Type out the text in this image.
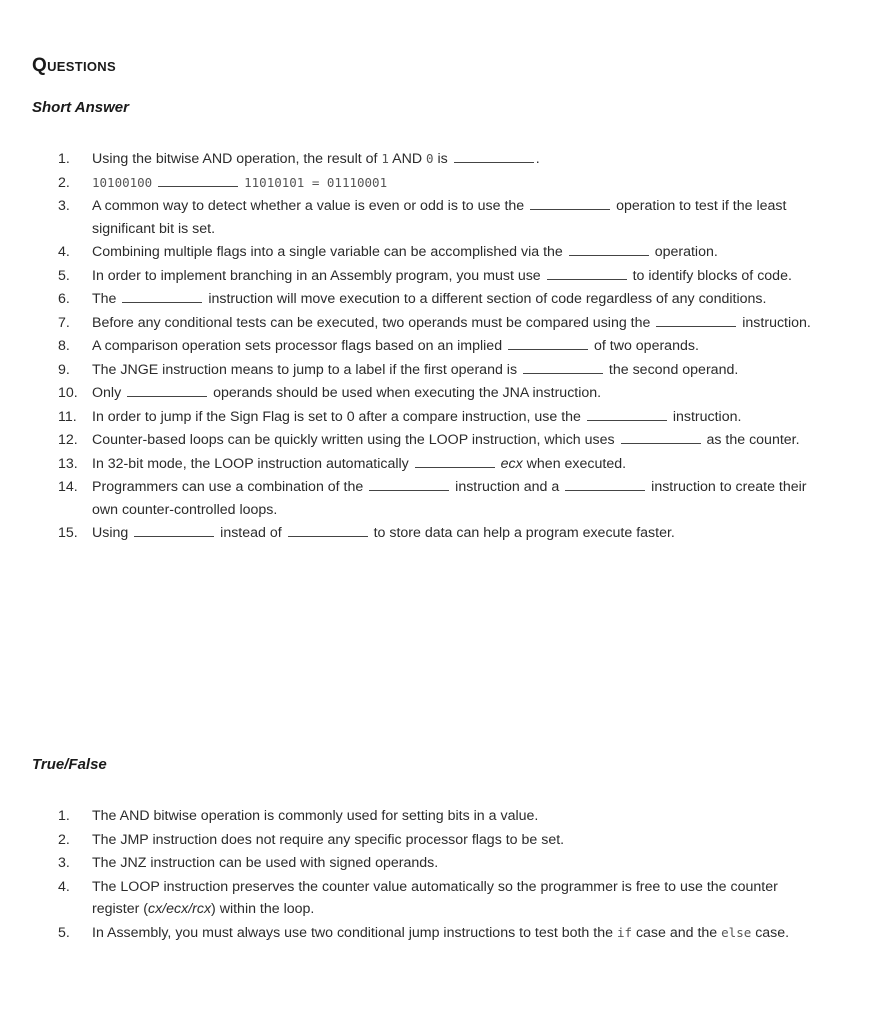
Questions
Short Answer
1.	Using the bitwise AND operation, the result of 1 AND 0 is	.
2.	10100100	11010101 = 01110001
3.	A common way to detect whether a value is even or odd is to use the	operation to test if the least significant bit is set.
4.	Combining multiple flags into a single variable can be accomplished via the	operation.
5.	In order to implement branching in an Assembly program, you must use	to identify blocks of code.
6.	The	instruction will move execution to a different section of code regardless of any conditions.
7.	Before any conditional tests can be executed, two operands must be compared using the	instruction.
8.	A comparison operation sets processor flags based on an implied	of two operands.
9.	The JNGE instruction means to jump to a label if the first operand is	the second operand.
10.	Only	operands should be used when executing the JNA instruction.
11.	In order to jump if the Sign Flag is set to 0 after a compare instruction, use the	instruction.
12.	Counter-based loops can be quickly written using the LOOP instruction, which uses	as the counter.
13.	In 32-bit mode, the LOOP instruction automatically	ecx when executed.
14.	Programmers can use a combination of the	instruction and a	instruction to create their own counter-controlled loops.
15.	Using	instead of	to store data can help a program execute faster.
True/False
1.	The AND bitwise operation is commonly used for setting bits in a value.
2.	The JMP instruction does not require any specific processor flags to be set.
3.	The JNZ instruction can be used with signed operands.
4.	The LOOP instruction preserves the counter value automatically so the programmer is free to use the counter register (cx/ecx/rcx) within the loop.
5.	In Assembly, you must always use two conditional jump instructions to test both the if case and the else case.
